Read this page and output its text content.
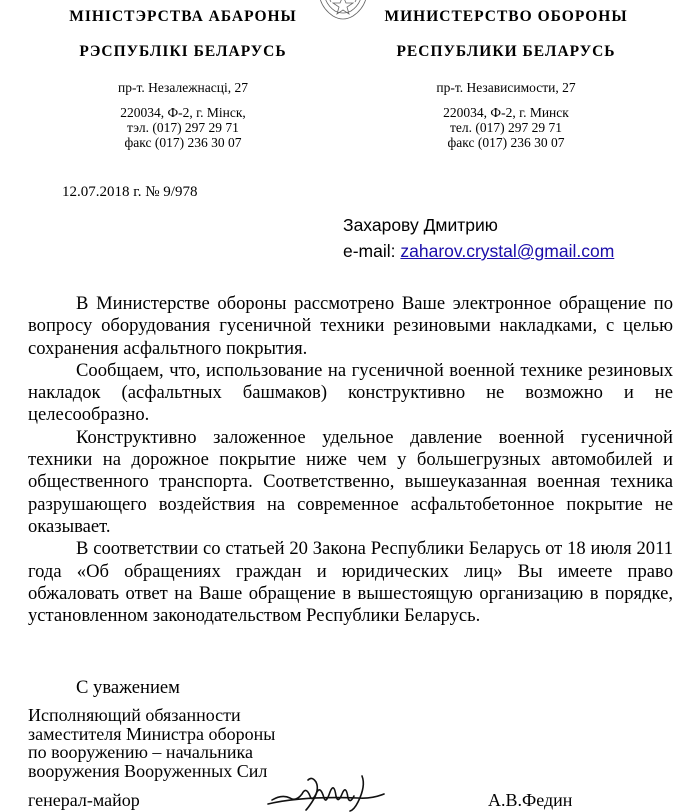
МІНІСТЭРСТВА АБАРОНЫ
РЭСПУБЛІКІ БЕЛАРУСЬ
пр-т. Незалежнасці, 27
220034, Ф-2, г. Мінск,
тэл. (017) 297 29 71
факс (017) 236 30 07
МИНИСТЕРСТВО ОБОРОНЫ
РЕСПУБЛИКИ БЕЛАРУСЬ
пр-т. Независимости, 27
220034, Ф-2, г. Минск
тел. (017) 297 29 71
факс (017) 236 30 07
12.07.2018 г. № 9/978
Захарову Дмитрию
e-mail: zaharov.crystal@gmail.com

В Министерстве обороны рассмотрено Ваше электронное обращение по вопросу оборудования гусеничной техники резиновыми накладками, с целью сохранения асфальтного покрытия.

Сообщаем, что, использование на гусеничной военной технике резиновых накладок (асфальтных башмаков) конструктивно не возможно и не целесообразно.

Конструктивно заложенное удельное давление военной гусеничной техники на дорожное покрытие ниже чем у большегрузных автомобилей и общественного транспорта. Соответственно, вышеуказанная военная техника разрушающего воздействия на современное асфальтобетонное покрытие не оказывает.

В соответствии со статьей 20 Закона Республики Беларусь от 18 июля 2011 года «Об обращениях граждан и юридических лиц» Вы имеете право обжаловать ответ на Ваше обращение в вышестоящую организацию в порядке, установленном законодательством Республики Беларусь.

С уважением
Исполняющий обязанности
заместителя Министра обороны
по вооружению – начальника
вооружения Вооруженных Сил
генерал-майор	А.В.Федин
